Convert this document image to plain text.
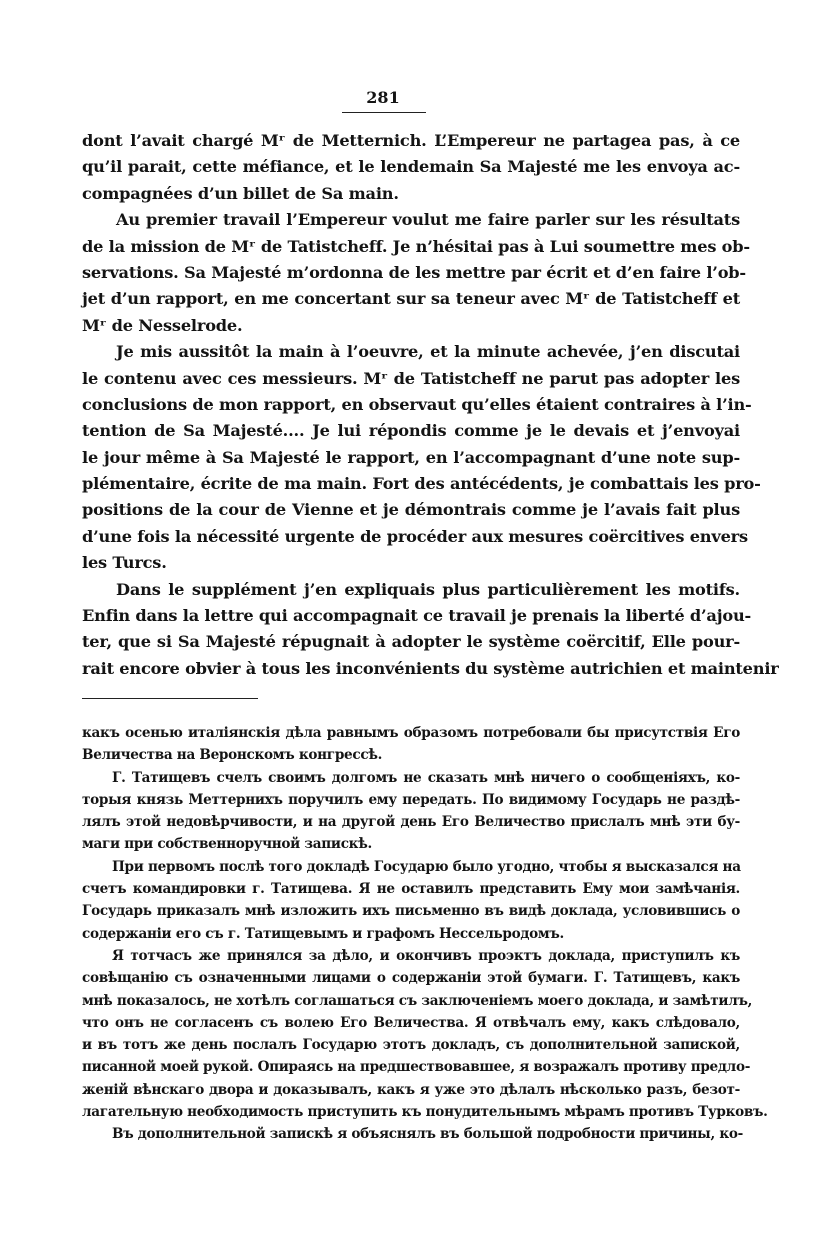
281
dont l’avait chargé Mʳ de Metternich. L’Empereur ne partagea pas, à ce
qu’il parait, cette méfiance, et le lendemain Sa Majesté me les envoya ac-
compagnées d’un billet de Sa main.
Au premier travail l’Empereur voulut me faire parler sur les résultats
de la mission de Mʳ de Tatistcheff. Je n’hésitai pas à Lui soumettre mes ob-
servations. Sa Majesté m’ordonna de les mettre par écrit et d’en faire l’ob-
jet d’un rapport, en me concertant sur sa teneur avec Mʳ de Tatistcheff et
Mʳ de Nesselrode.
Je mis aussitôt la main à l’oeuvre, et la minute achevée, j’en discutai
le contenu avec ces messieurs. Mʳ de Tatistcheff ne parut pas adopter les
conclusions de mon rapport, en observaut qu’elles étaient contraires à l’in-
tention de Sa Majesté.... Je lui répondis comme je le devais et j’envoyai
le jour même à Sa Majesté le rapport, en l’accompagnant d’une note sup-
plémentaire, écrite de ma main. Fort des antécédents, je combattais les pro-
positions de la cour de Vienne et je démontrais comme je l’avais fait plus
d’une fois la nécessité urgente de procéder aux mesures coërcitives envers
les Turcs.
Dans le supplément j’en expliquais plus particulièrement les motifs.
Enfin dans la lettre qui accompagnait ce travail je prenais la liberté d’ajou-
ter, que si Sa Majesté répugnait à adopter le système coërcitif, Elle pour-
rait encore obvier à tous les inconvénients du système autrichien et maintenir
какъ осенью италіянскія дѣла равнымъ образомъ потребовали бы присутствія Его
Величества на Веронскомъ конгрессѣ.
Г. Татищевъ счелъ своимъ долгомъ не сказать мнѣ ничего о сообщеніяхъ, ко-
торыя князь Меттернихъ поручилъ ему передать. По видимому Государь не раздѣ-
лялъ этой недовѣрчивости, и на другой день Его Величество прислалъ мнѣ эти бу-
маги при собственноручной запискѣ.
При первомъ послѣ того докладѣ Государю было угодно, чтобы я высказался на
счетъ командировки г. Татищева. Я не оставилъ представить Ему мои замѣчанія.
Государь приказалъ мнѣ изложить ихъ письменно въ видѣ доклада, условившись о
содержаніи его съ г. Татищевымъ и графомъ Нессельродомъ.
Я тотчасъ же принялся за дѣло, и окончивъ проэктъ доклада, приступилъ къ
совѣщанію съ означенными лицами о содержаніи этой бумаги. Г. Татищевъ, какъ
мнѣ показалось, не хотѣлъ соглашаться съ заключеніемъ моего доклада, и замѣтилъ,
что онъ не согласенъ съ волею Его Величества. Я отвѣчалъ ему, какъ слѣдовало,
и въ тотъ же день послалъ Государю этотъ докладъ, съ дополнительной запиской,
писанной моей рукой. Опираясь на предшествовавшее, я возражалъ противу предло-
женій вѣнскаго двора и доказывалъ, какъ я уже это дѣлалъ нѣсколько разъ, безот-
лагательную необходимость приступить къ понудительнымъ мѣрамъ противъ Турковъ.
Въ дополнительной запискѣ я объяснялъ въ большой подробности причины, ко-
